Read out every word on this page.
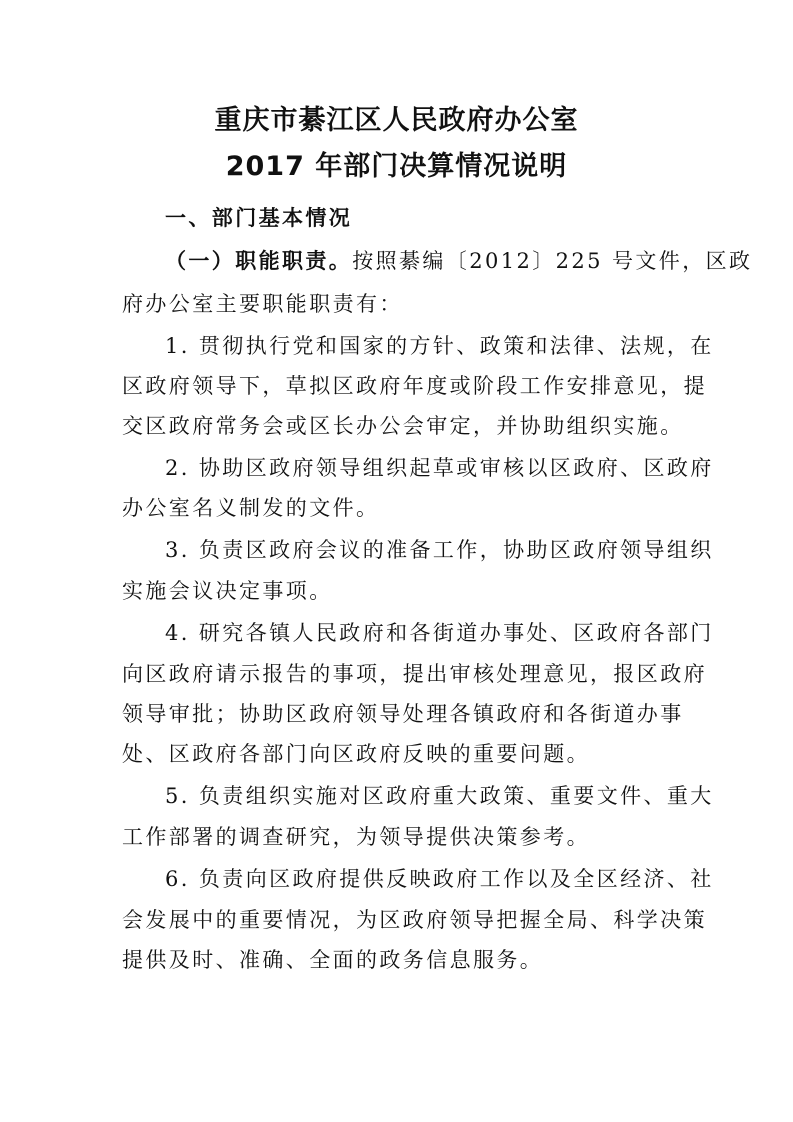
重庆市綦江区人民政府办公室
2017 年部门决算情况说明
一、部门基本情况
（一）职能职责。按照綦编〔2012〕225 号文件，区政
府办公室主要职能职责有：
1. 贯彻执行党和国家的方针、政策和法律、法规，在
区政府领导下，草拟区政府年度或阶段工作安排意见，提
交区政府常务会或区长办公会审定，并协助组织实施。
2. 协助区政府领导组织起草或审核以区政府、区政府
办公室名义制发的文件。
3. 负责区政府会议的准备工作，协助区政府领导组织
实施会议决定事项。
4. 研究各镇人民政府和各街道办事处、区政府各部门
向区政府请示报告的事项，提出审核处理意见，报区政府
领导审批；协助区政府领导处理各镇政府和各街道办事
处、区政府各部门向区政府反映的重要问题。
5. 负责组织实施对区政府重大政策、重要文件、重大
工作部署的调查研究，为领导提供决策参考。
6. 负责向区政府提供反映政府工作以及全区经济、社
会发展中的重要情况，为区政府领导把握全局、科学决策
提供及时、准确、全面的政务信息服务。
